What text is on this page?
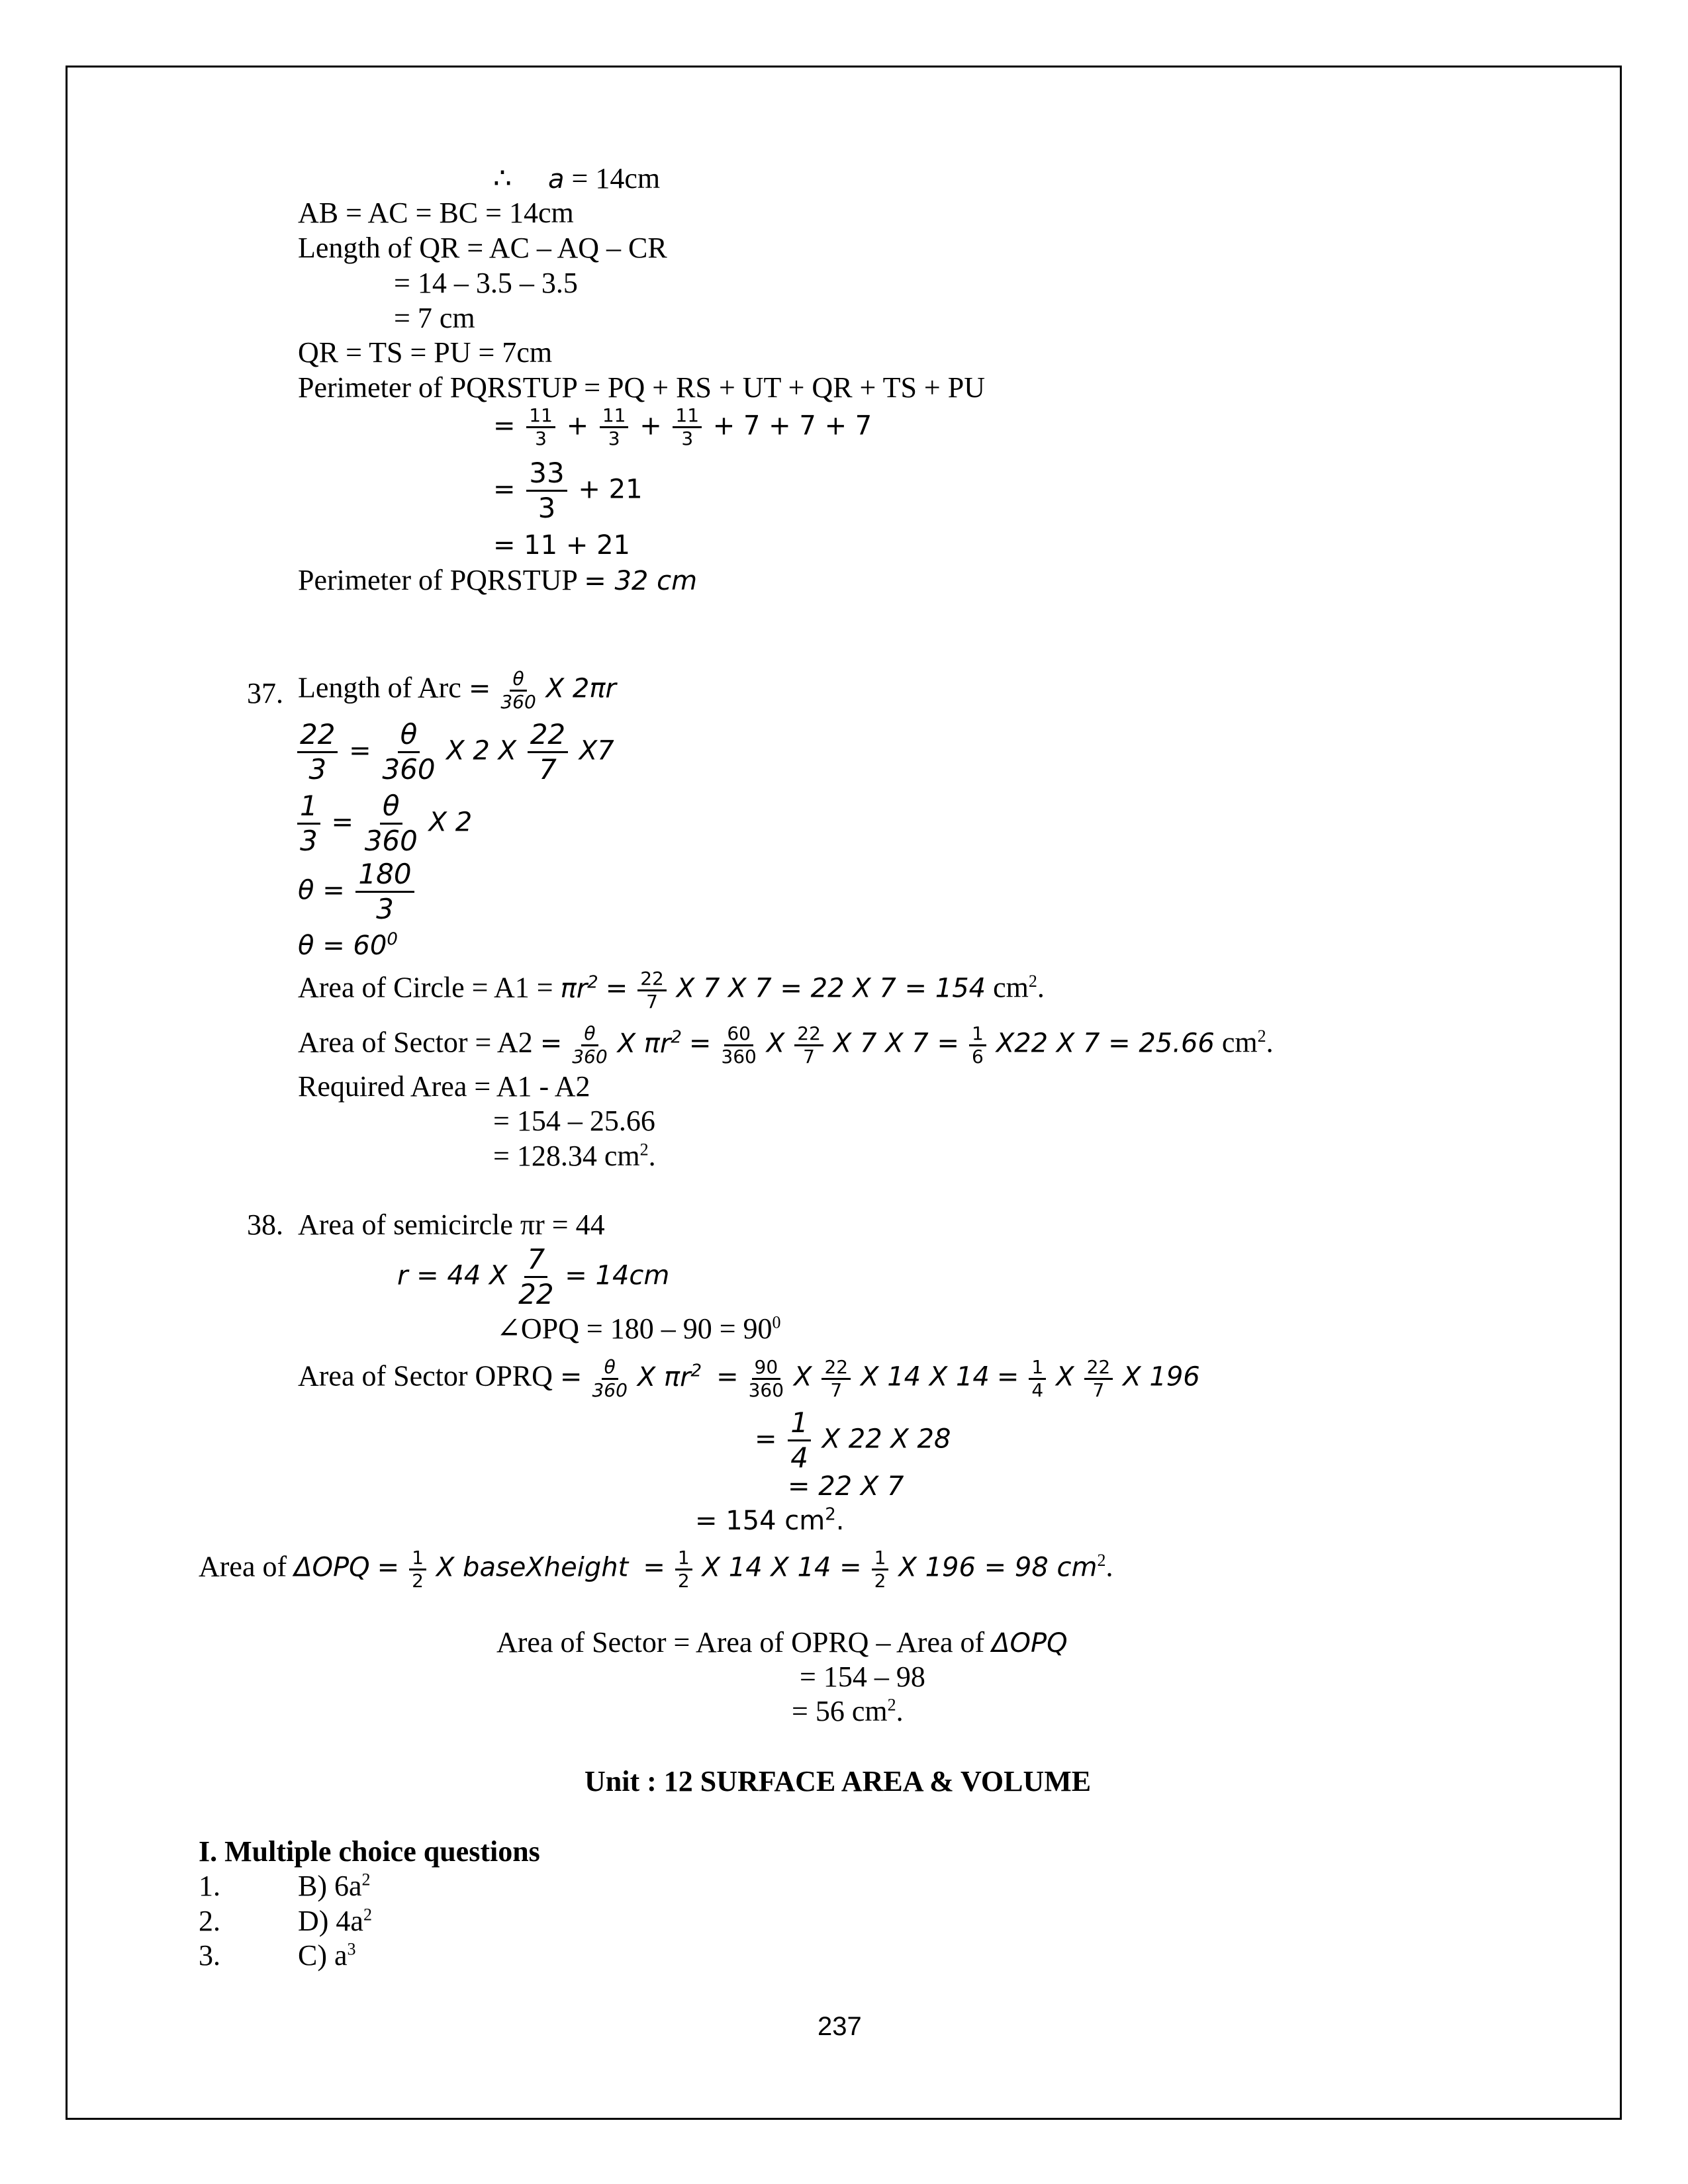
∴ a = 14cm
AB = AC = BC = 14cm
Length of QR = AC – AQ – CR
= 14 – 3.5 – 3.5
= 7 cm
QR = TS = PU = 7cm
Perimeter of PQRSTUP = PQ + RS + UT + QR + TS + PU
= $\frac{11}{3} + \frac{11}{3} + \frac{11}{3} + 7 + 7 + 7$
= $\frac{33}{3} + 21$
= 11 + 21
Perimeter of PQRSTUP = 32 cm
37. Length of Arc = $\frac{\theta}{360}$ X 2πr
$\frac{22}{3} = \frac{\theta}{360}$ X 2 X $\frac{22}{7} X7$
$\frac{1}{3} = \frac{\theta}{360}$ X 2
$\theta = \frac{180}{3}$
$\theta = 60^0$
Area of Circle = $A1 = \pi r^2 = \frac{22}{7}$ X 7 X 7 = 22 X 7 = 154 $cm^2$.
Area of Sector = $A2 = \frac{\theta}{360}$ X $\pi r^2 = \frac{60}{360}$ X $\frac{22}{7}$ X 7 X $7 = \frac{1}{6} X22$ X 7 = 25.66 $cm^2$.
Required Area = A1 - A2
= 154 – 25.66
= 128.34 $cm^2$.
38. Area of semicircle πr = 44
r = 44 X $\frac{7}{22} = 14cm$
∠OPQ = $180 - 90 = 90^0$
Area of Sector OPRQ = $\frac{\theta}{360}$ X $\pi r^2 = \frac{90}{360}$ X $\frac{22}{7}$ X 14 X $14 = \frac{1}{4}$ X $\frac{22}{7}$ X 196
= $\frac{1}{4}$ X 22 X 28
= 22 X 7
= 154 $cm^2$.
Area of $\Delta OPQ = \frac{1}{2}$ X baseXheight = $\frac{1}{2}$ X 14 X $14 = \frac{1}{2}$ X 196 = 98 $cm^2$.
Area of Sector = Area of OPRQ – Area of ΔOPQ
= 154 – 98
= 56 $cm^2$.
Unit : 12 SURFACE AREA & VOLUME
I. Multiple choice questions
1.	B) $6a^2$
2.	D) $4a^2$
3.	C) $a^3$
237
